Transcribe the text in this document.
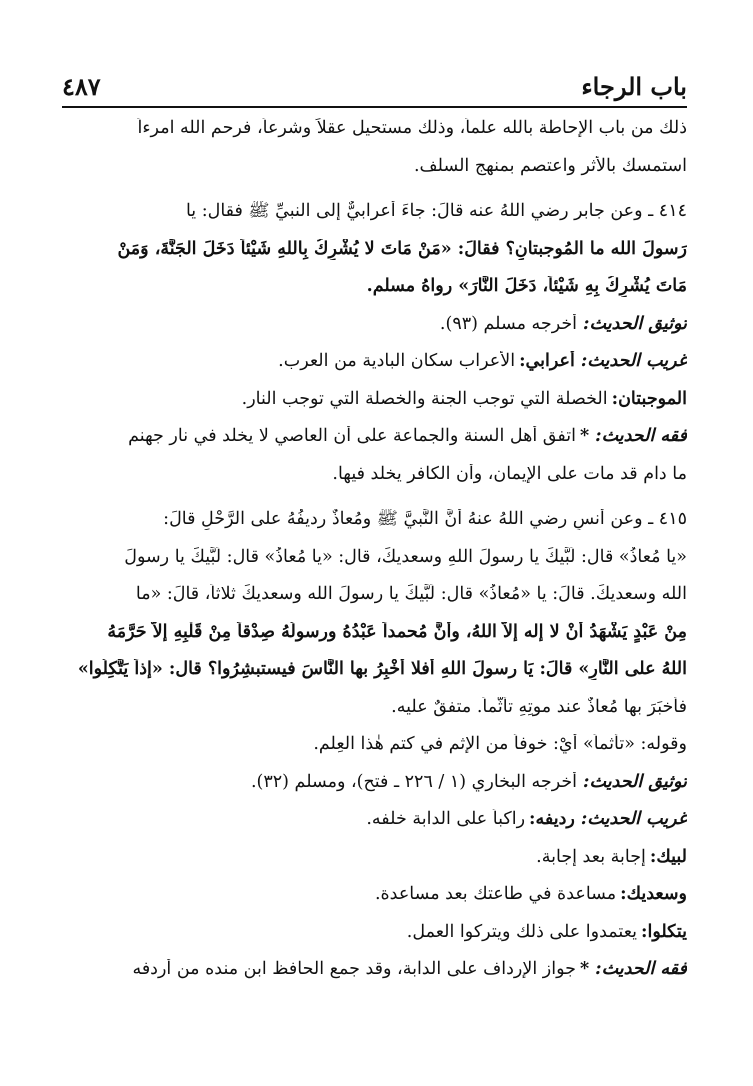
باب الرجاء
٤٨٧
ذلك من باب الإحاطة بالله علماً، وذلك مستحيل عقلاً وشرعاً، فرحم الله امرءاً
استمسك بالأثر واعتصم بمنهج السلف.
٤١٤ ـ وعن جابر رضي اللهُ عنه قالَ: جاءَ أعرابيٌّ إلى النبيِّ ﷺ فقال: يا
رَسولَ الله ما المُوجبتانِ؟ فقالَ: «مَنْ مَاتَ لا يُشْرِكُ بِاللهِ شَيْئاً دَخَلَ الجَنَّةَ، وَمَنْ
مَاتَ يُشْرِكُ بِهِ شَيْئاً، دَخَلَ النَّارَ» رواهُ مسلم.
توثيق الحديث:أخرجه مسلم (٩٣).
غريب الحديث:أعرابي:الأعراب سكان البادية من العرب.
الموجبتان:الخصلة التي توجب الجنة والخصلة التي توجب النار.
فقه الحديث:*اتفق أهل السنة والجماعة على أن العاصي لا يخلد في نار جهنم
ما دام قد مات على الإيمان، وأن الكافر يخلد فيها.
٤١٥ ـ وعن أنسٍ رضي اللهُ عنهُ أنَّ النَّبيَّ ﷺ ومُعاذٌ رديفُهُ على الرَّحْلِ قالَ:
«يا مُعاذُ» قال: لَبَّيكَ يا رسولَ اللهِ وسعديكَ، قال: «يا مُعاذُ» قال: لَبَّيكَ يا رسولَ
الله وسعديكَ. قالَ: يا «مُعاذُ» قال: لَبَّيكَ يا رسولَ الله وسعديكَ ثلاثاً، قالَ: «ما
مِنْ عَبْدٍ يَشْهَدُ أنْ لا إله إلاّ اللهُ، وأنَّ مُحمداً عَبْدُهُ ورسولُهُ صِدْقاً مِنْ قَلْبِهِ إلاّ حَرَّمَهُ
اللهُ على النَّارِ» قالَ: يَا رسولَ اللهِ أفلا أُخْبِرُ بها النَّاسَ فيستبشِرُوا؟ قال: «إذاً يَتَّكِلُوا»
فأخبَرَ بها مُعاذٌ عند موتِهِ تأثُّماً. متفقٌ عليه.
وقوله: «تأثماً» أيْ: خوفاً من الإثم في كتم هٰذا العِلم.
توثيق الحديث:أخرجه البخاري (١ / ٢٢٦ ـ فتح)، ومسلم (٣٢).
غريب الحديث:رديفه:راكباً على الدابة خلفه.
لبيك:إجابة بعد إجابة.
وسعديك:مساعدة في طاعتك بعد مساعدة.
يتكلوا:يعتمدوا على ذلك ويتركوا العمل.
فقه الحديث:*جواز الإرداف على الدابة، وقد جمع الحافظ ابن منده من أردفه
